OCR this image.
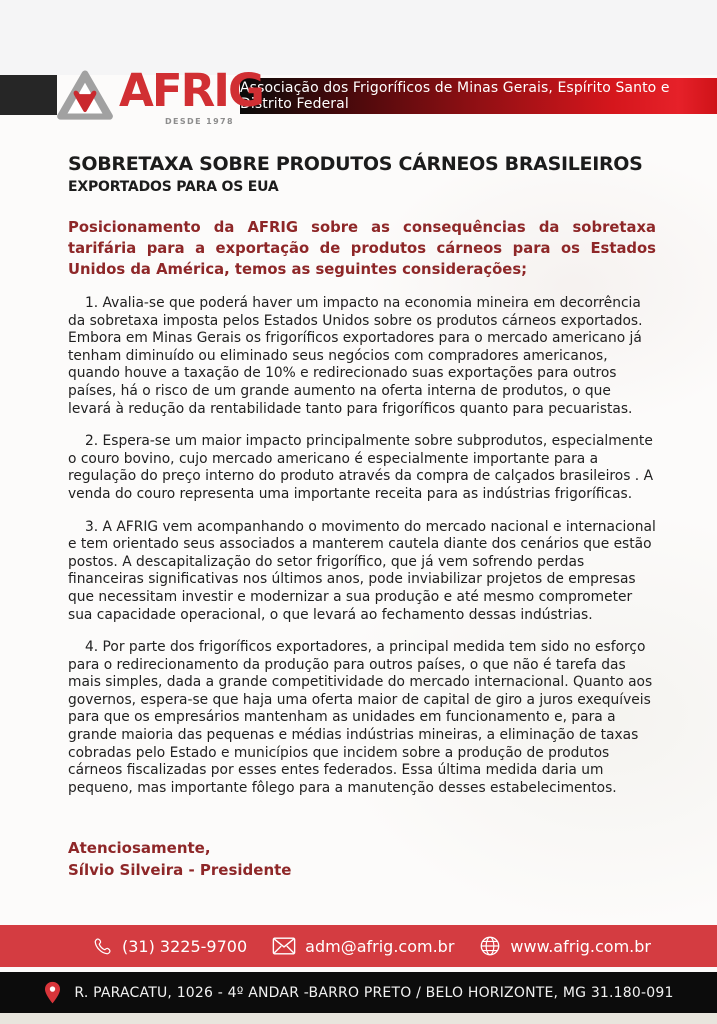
Associação dos Frigoríficos de Minas Gerais, Espírito Santo e Distrito Federal
AFRIG
DESDE 1978
SOBRETAXA SOBRE PRODUTOS CÁRNEOS BRASILEIROS
EXPORTADOS PARA OS EUA

Posicionamento da AFRIG sobre as consequências da sobretaxa tarifária para a exportação de produtos cárneos para os Estados Unidos da América, temos as seguintes considerações;

1. Avalia-se que poderá haver um impacto na economia mineira em decorrência da sobretaxa imposta pelos Estados Unidos sobre os produtos cárneos exportados. Embora em Minas Gerais os frigoríficos exportadores para o mercado americano já tenham diminuído ou eliminado seus negócios com compradores americanos, quando houve a taxação de 10% e redirecionado suas exportações para outros países, há o risco de um grande aumento na oferta interna de produtos, o que levará à redução da rentabilidade tanto para frigoríficos quanto para pecuaristas.

2. Espera-se um maior impacto principalmente sobre subprodutos, especialmente o couro bovino, cujo mercado americano é especialmente importante para a regulação do preço interno do produto através da compra de calçados brasileiros . A venda do couro representa uma importante receita para as indústrias frigoríficas.

3. A AFRIG vem acompanhando o movimento do mercado nacional e internacional e tem orientado seus associados a manterem cautela diante dos cenários que estão postos. A descapitalização do setor frigorífico, que já vem sofrendo perdas financeiras significativas nos últimos anos, pode inviabilizar projetos de empresas que necessitam investir e modernizar a sua produção e até mesmo comprometer sua capacidade operacional, o que levará ao fechamento dessas indústrias.

4. Por parte dos frigoríficos exportadores, a principal medida tem sido no esforço para o redirecionamento da produção para outros países, o que não é tarefa das mais simples, dada a grande competitividade do mercado internacional. Quanto aos governos, espera-se que haja uma oferta maior de capital de giro a juros exequíveis para que os empresários mantenham as unidades em funcionamento e, para a grande maioria das pequenas e médias indústrias mineiras, a eliminação de taxas cobradas pelo Estado e municípios que incidem sobre a produção de produtos cárneos fiscalizadas por esses entes federados. Essa última medida daria um pequeno, mas importante fôlego para a manutenção desses estabelecimentos.

Atenciosamente,
Sílvio Silveira - Presidente
(31) 3225-9700	adm@afrig.com.br	www.afrig.com.br
R. PARACATU, 1026 - 4º ANDAR -BARRO PRETO / BELO HORIZONTE, MG 31.180-091
